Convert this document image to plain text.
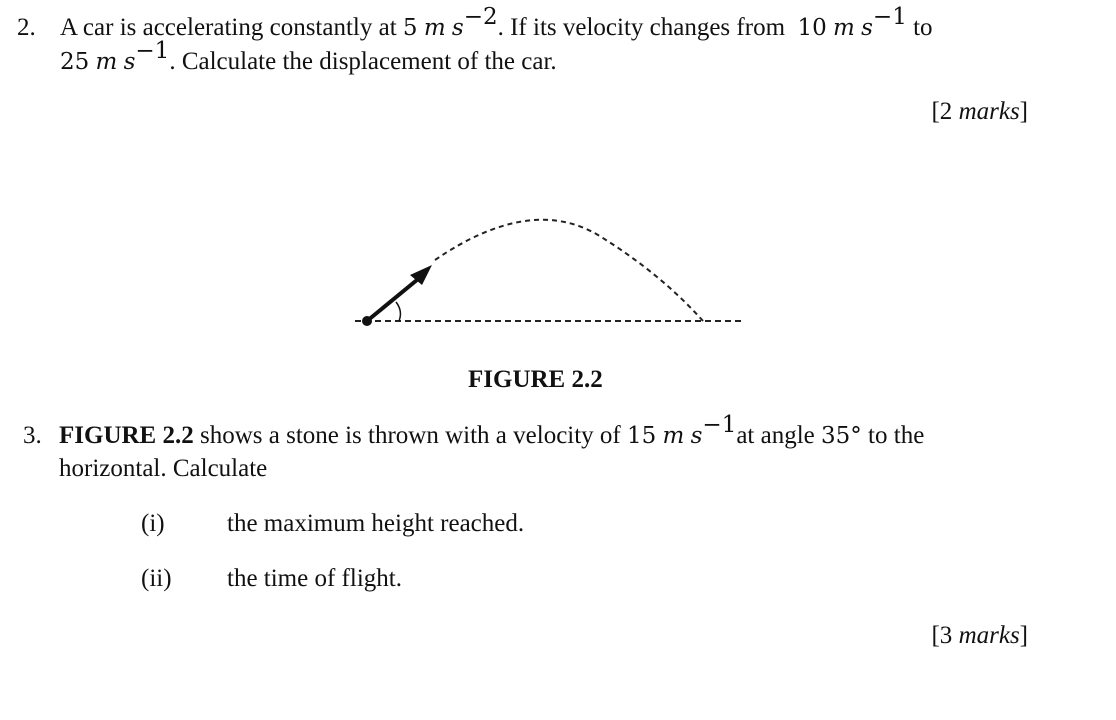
2. A car is accelerating constantly at 5 m $s^{-2}$. If its velocity changes from 10 m $s^{-1}$ to
25 m $s^{-1}$. Calculate the displacement of the car.
[2 marks]
FIGURE 2.2
3. FIGURE 2.2 shows a stone is thrown with a velocity of 15 m $s^{-1}at$ angle 35° to the
horizontal. Calculate
(i) the maximum height reached.
(ii) the time of flight.
[3 marks]
